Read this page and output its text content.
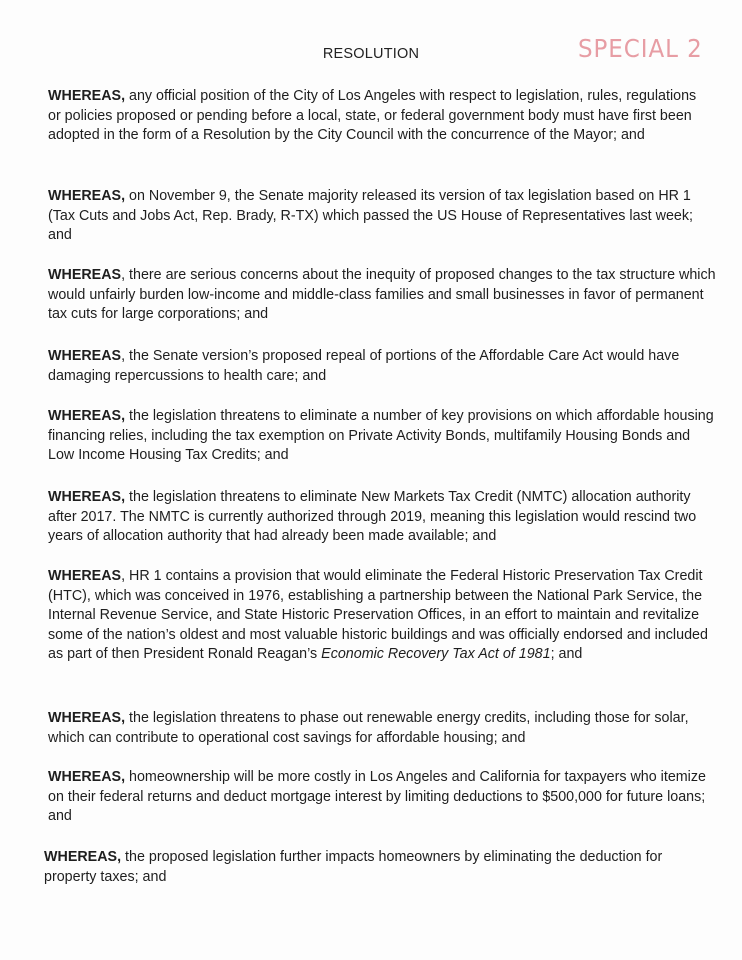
RESOLUTION	SPECIAL 2

WHEREAS, any official position of the City of Los Angeles with respect to legislation, rules, regulations or policies proposed or pending before a local, state, or federal government body must have first been adopted in the form of a Resolution by the City Council with the concurrence of the Mayor; and

WHEREAS, on November 9, the Senate majority released its version of tax legislation based on HR 1 (Tax Cuts and Jobs Act, Rep. Brady, R-TX) which passed the US House of Representatives last week; and

WHEREAS, there are serious concerns about the inequity of proposed changes to the tax structure which would unfairly burden low-income and middle-class families and small businesses in favor of permanent tax cuts for large corporations; and

WHEREAS, the Senate version’s proposed repeal of portions of the Affordable Care Act would have damaging repercussions to health care; and

WHEREAS, the legislation threatens to eliminate a number of key provisions on which affordable housing financing relies, including the tax exemption on Private Activity Bonds, multifamily Housing Bonds and Low Income Housing Tax Credits; and

WHEREAS, the legislation threatens to eliminate New Markets Tax Credit (NMTC) allocation authority after 2017. The NMTC is currently authorized through 2019, meaning this legislation would rescind two years of allocation authority that had already been made available; and

WHEREAS, HR 1 contains a provision that would eliminate the Federal Historic Preservation Tax Credit (HTC), which was conceived in 1976, establishing a partnership between the National Park Service, the Internal Revenue Service, and State Historic Preservation Offices, in an effort to maintain and revitalize some of the nation’s oldest and most valuable historic buildings and was officially endorsed and included as part of then President Ronald Reagan’s Economic Recovery Tax Act of 1981; and

WHEREAS, the legislation threatens to phase out renewable energy credits, including those for solar, which can contribute to operational cost savings for affordable housing; and

WHEREAS, homeownership will be more costly in Los Angeles and California for taxpayers who itemize on their federal returns and deduct mortgage interest by limiting deductions to $500,000 for future loans; and

WHEREAS, the proposed legislation further impacts homeowners by eliminating the deduction for property taxes; and
